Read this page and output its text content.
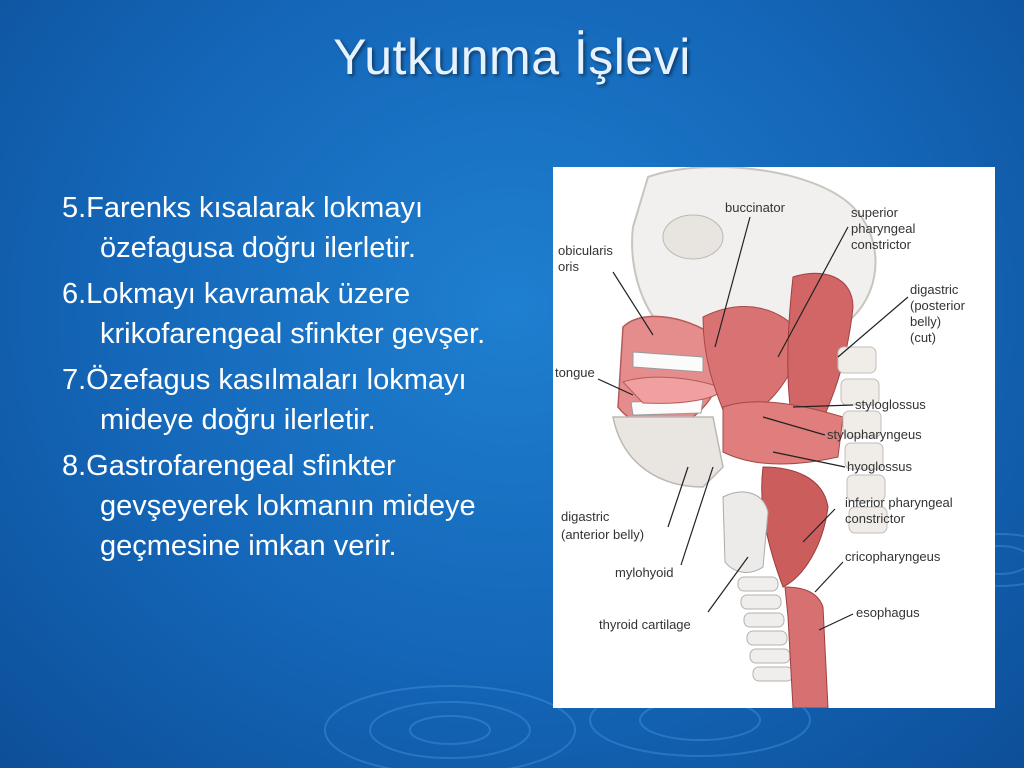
Yutkunma İşlevi
5.Farenks kısalarak lokmayı özefagusa doğru ilerletir.
6.Lokmayı kavramak üzere krikofarengeal sfinkter gevşer.
7.Özefagus kasılmaları lokmayı mideye doğru ilerletir.
8.Gastrofarengeal sfinkter gevşeyerek lokmanın mideye geçmesine imkan verir.
buccinator	superior
pharyngeal
constrictor
obicularis
oris
digastric
(posterior
belly)
(cut)
tongue
styloglossus
stylopharyngeus
hyoglossus
inferior pharyngeal
constrictor
digastric
(anterior belly)
cricopharyngeus
mylohyoid
esophagus
thyroid cartilage
